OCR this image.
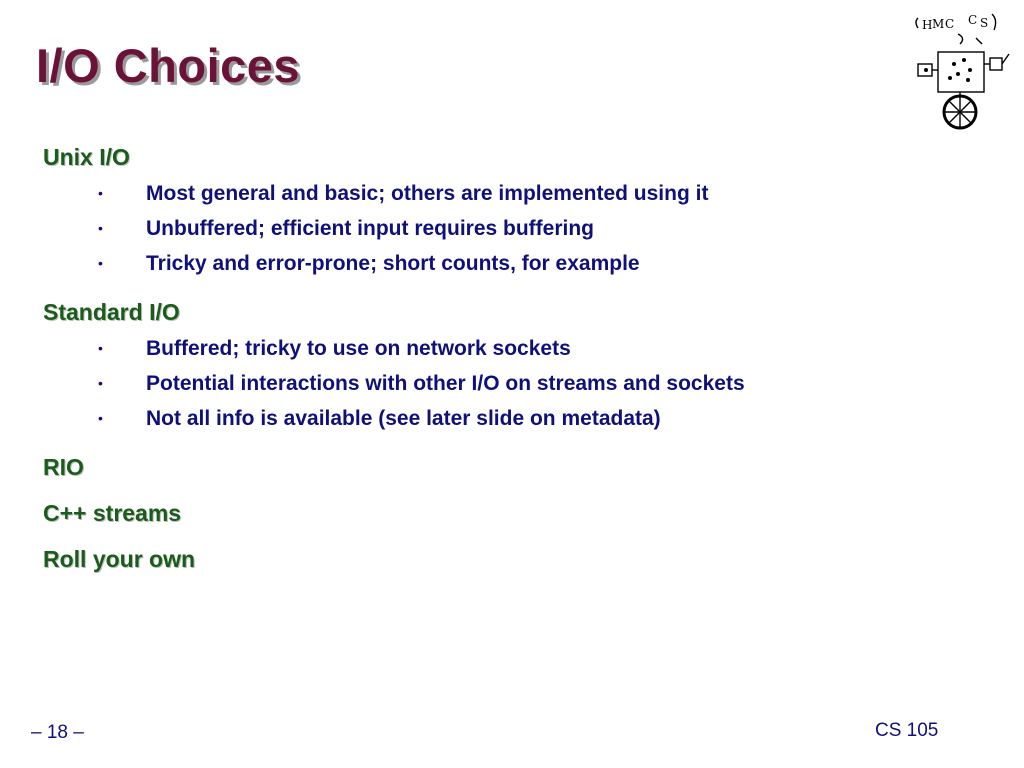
I/O Choices
H M C C S
Unix I/O
• Most general and basic; others are implemented using it
• Unbuffered; efficient input requires buffering
• Tricky and error-prone; short counts, for example
Standard I/O
• Buffered; tricky to use on network sockets
• Potential interactions with other I/O on streams and sockets
• Not all info is available (see later slide on metadata)
RIO
C++ streams
Roll your own
– 18 –	CS 105
